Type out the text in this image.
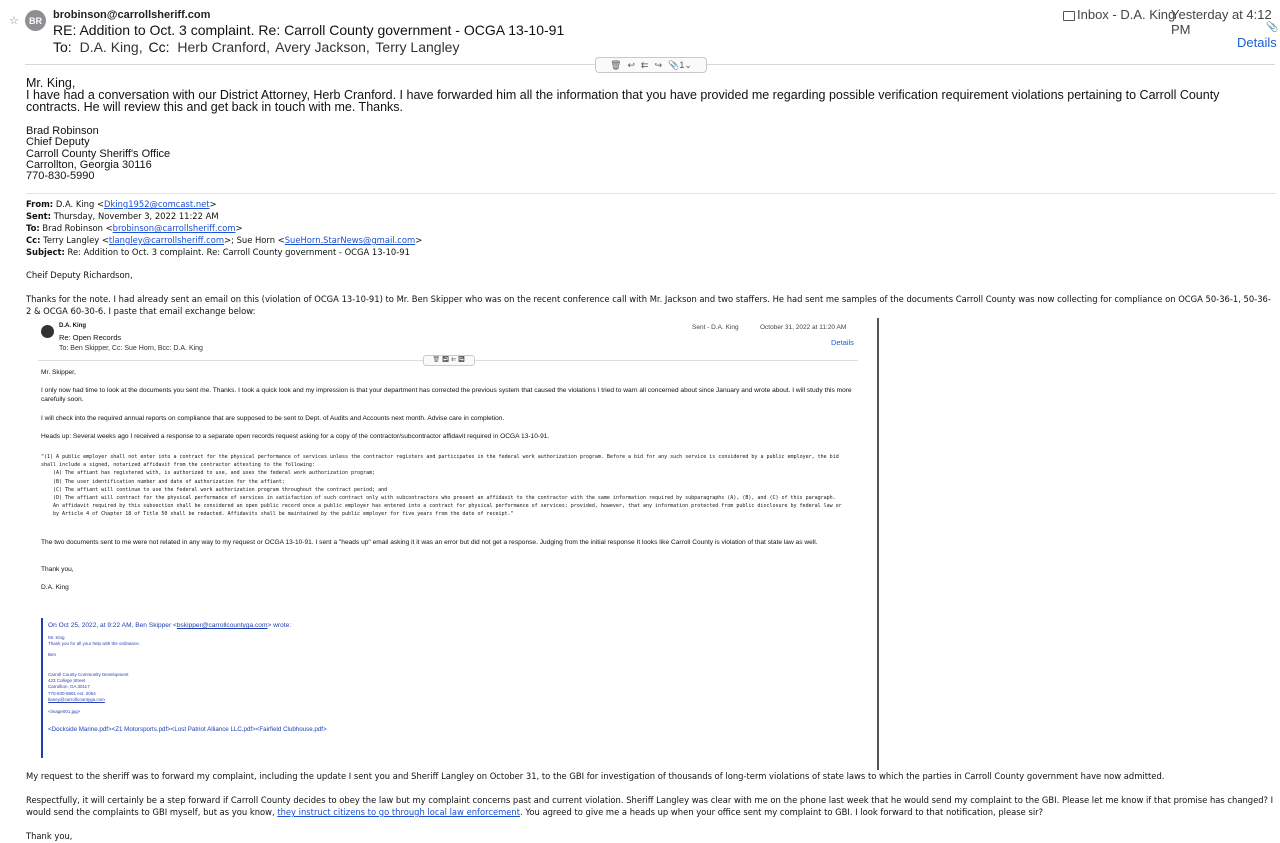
☆	BR	brobinson@carrollsheriff.com
RE: Addition to Oct. 3 complaint. Re: Carroll County government - OCGA 13-10-91
To: D.A. King, Cc: Herb Cranford, Avery Jackson, Terry Langley
Inbox - D.A. King
Yesterday at 4:12 PM	📎
Details
🗑 ↩ ⇇ ↪ 📎1⌄

Mr. King,

I have had a conversation with our District Attorney, Herb Cranford. I have forwarded him all the information that you have provided me regarding possible verification requirement violations pertaining to Carroll County contracts. He will review this and get back in touch with me. Thanks.

Brad Robinson
Chief Deputy
Carroll County Sheriff's Office
Carrollton, Georgia 30116
770-830-5990
From: D.A. King <Dking1952@comcast.net>
Sent: Thursday, November 3, 2022 11:22 AM
To: Brad Robinson <brobinson@carrollsheriff.com>
Cc: Terry Langley <tlangley@carrollsheriff.com>; Sue Horn <SueHorn.StarNews@gmail.com>
Subject: Re: Addition to Oct. 3 complaint. Re: Carroll County government - OCGA 13-10-91
Cheif Deputy Richardson,
Thanks for the note. I had already sent an email on this (violation of OCGA 13-10-91) to Mr. Ben Skipper who was on the recent conference call with Mr. Jackson and two staffers. He had sent me samples of the documents Carroll County was now collecting for compliance on OCGA 50-36-1, 50-36-2 & OCGA 60-30-6. I paste that email exchange below:
D.A. King
Re: Open Records
To: Ben Skipper, Cc: Sue Horn, Bcc: D.A. King
Sent - D.A. King	October 31, 2022 at 11:20 AM
Details
🗑 ↩ ⇇ ↪
Mr. Skipper,
I only now had time to look at the documents you sent me. Thanks. I took a quick look and my impression is that your department has corrected the previous system that caused the violations I tried to warn all concerned about since January and wrote about. I will study this more carefully soon.
I will check into the required annual reports on compliance that are supposed to be sent to Dept. of Audits and Accounts next month. Advise care in completion.
Heads up: Several weeks ago I received a response to a separate open records request asking for a copy of the contractor/subcontractor affidavit required in OCGA 13-10-91.
"(1) A public employer shall not enter into a contract for the physical performance of services unless the contractor registers and participates in the federal work authorization program. Before a bid for any such service is considered by a public employer, the bid
shall include a signed, notarized affidavit from the contractor attesting to the following:
(A) The affiant has registered with, is authorized to use, and uses the federal work authorization program;
(B) The user identification number and date of authorization for the affiant;
(C) The affiant will continue to use the federal work authorization program throughout the contract period; and
(D) The affiant will contract for the physical performance of services in satisfaction of such contract only with subcontractors who present an affidavit to the contractor with the same information required by subparagraphs (A), (B), and (C) of this paragraph.
An affidavit required by this subsection shall be considered an open public record once a public employer has entered into a contract for physical performance of services; provided, however, that any information protected from public disclosure by federal law or
by Article 4 of Chapter 18 of Title 50 shall be redacted. Affidavits shall be maintained by the public employer for five years from the date of receipt."
The two documents sent to me were not related in any way to my request or OCGA 13-10-91. I sent a "heads up" email asking it it was an error but did not get a response. Judging from the initial response It looks like Carroll County is violation of that state law as well.
Thank you,
D.A. King
On Oct 25, 2022, at 9:22 AM, Ben Skipper <bskipper@carrollcountyga.com> wrote:
Mr. King
Thank you for all your help with the ordinance.
Ben
Carroll County Community Development
423 College Street
Carrollton, GA 30117
770-830-5861 ext. 2054
tlaney@carrollcountyga.com
<image001.jpg>
<Dockside Marine.pdf><Z1 Motorsports.pdf><Lost Patriot Alliance LLC.pdf><Fairfield Clubhouse.pdf>
My request to the sheriff was to forward my complaint, including the update I sent you and Sheriff Langley on October 31, to the GBI for investigation of thousands of long-term violations of state laws to which the parties in Carroll County government have now admitted.
Respectfully, it will certainly be a step forward if Carroll County decides to obey the law but my complaint concerns past and current violation. Sheriff Langley was clear with me on the phone last week that he would send my complaint to the GBI. Please let me know if that promise has changed? I would send the complaints to GBI myself, but as you know, they instruct citizens to go through local law enforcement. You agreed to give me a heads up when your office sent my complaint to GBI. I look forward to that notification, please sir?
Thank you,
